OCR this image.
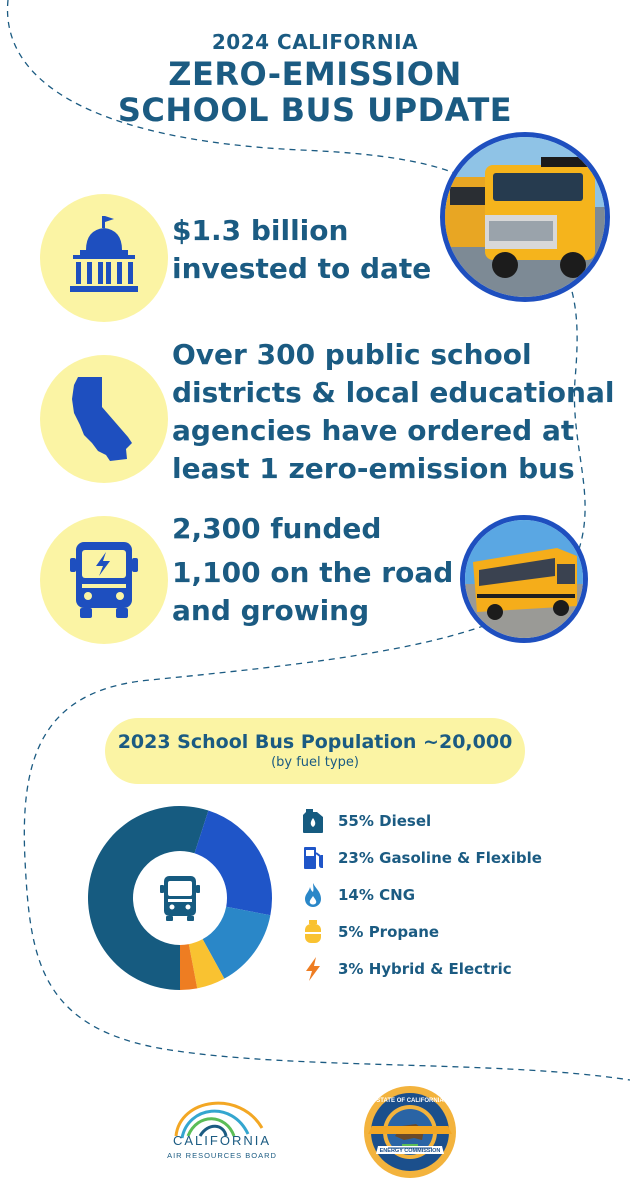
2024 CALIFORNIA
ZERO-EMISSION
SCHOOL BUS UPDATE
$1.3 billion
invested to date
Over 300 public school
districts & local educational
agencies have ordered at
least 1 zero-emission bus
2,300 funded
1,100 on the road
and growing
2023 School Bus Population ~20,000
(by fuel type)
55% Diesel
23% Gasoline & Flexible
14% CNG
5% Propane
3% Hybrid & Electric
CALIFORNIA
AIR RESOURCES BOARD	ENERGY COMMISSION
STATE OF CALIFORNIA
